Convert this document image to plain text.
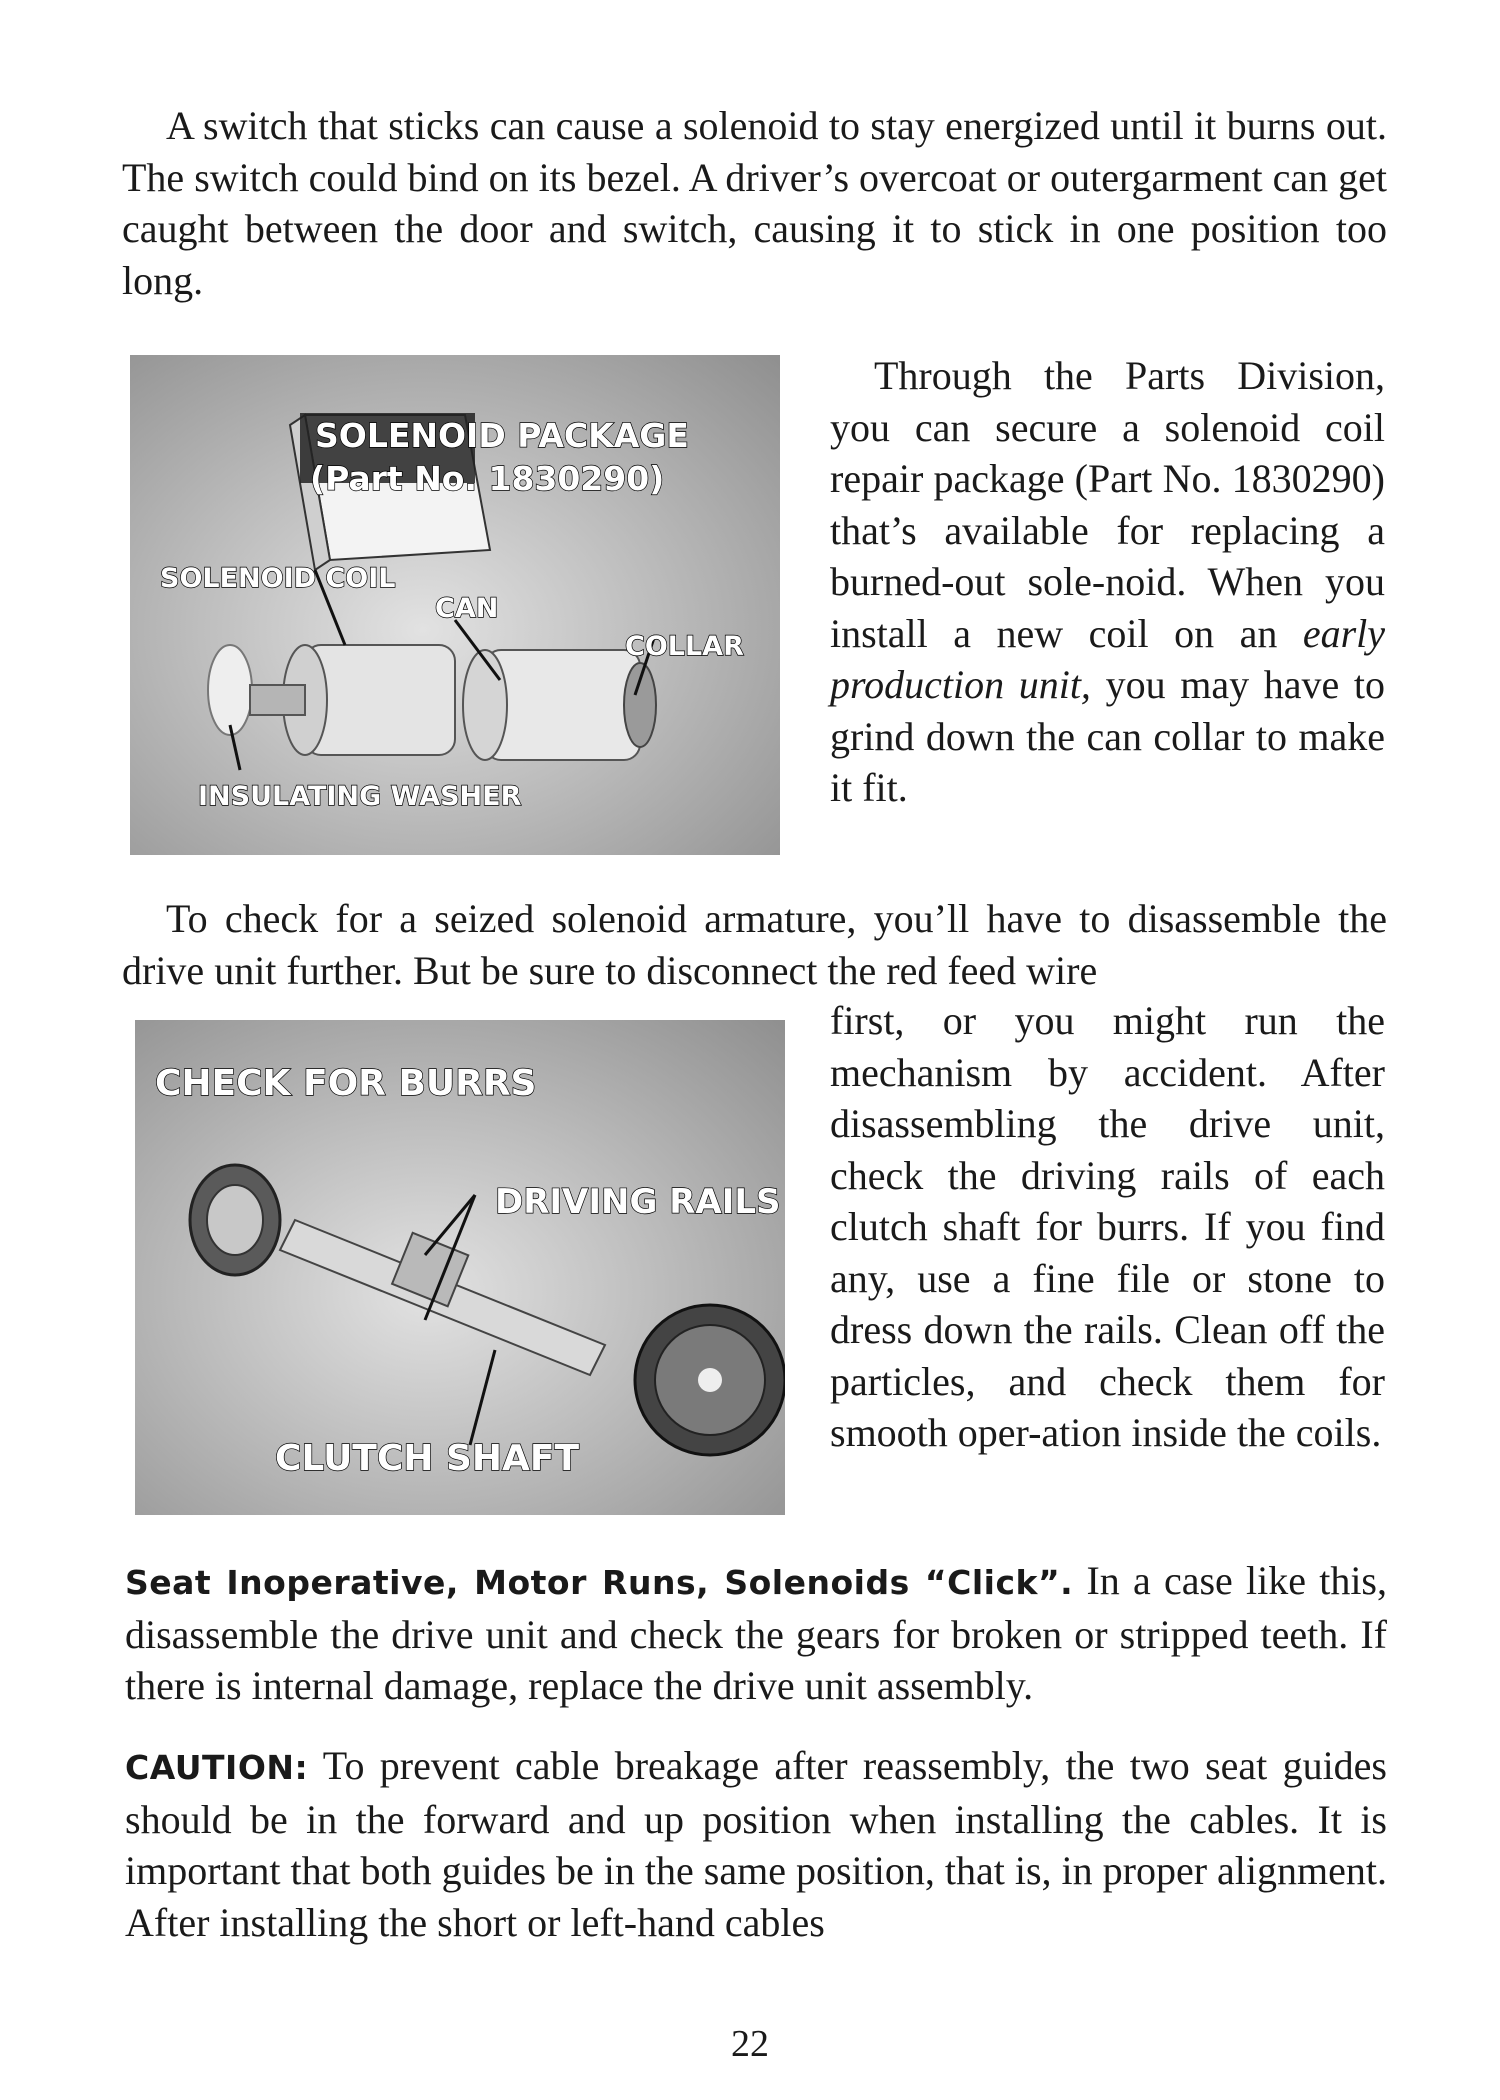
A switch that sticks can cause a solenoid to stay energized until it burns out. The switch could bind on its bezel. A driver’s overcoat or outergarment can get caught between the door and switch, causing it to stick in one position too long.

SOLENOID PACKAGE
(Part No. 1830290)
SOLENOID COIL
CAN
COLLAR
INSULATING WASHER

Through the Parts Division, you can secure a solenoid coil repair package (Part No. 1830290) that’s available for replacing a burned-out sole-noid. When you install a new coil on an early production unit, you may have to grind down the can collar to make it fit.

To check for a seized solenoid armature, you’ll have to disassemble the drive unit further. But be sure to disconnect the red feed wire

CHECK FOR BURRS
DRIVING RAILS
CLUTCH SHAFT

first, or you might run the mechanism by accident. After disassembling the drive unit, check the driving rails of each clutch shaft for burrs. If you find any, use a fine file or stone to dress down the rails. Clean off the particles, and check them for smooth oper-ation inside the coils.

Seat Inoperative, Motor Runs, Solenoids “Click”. In a case like this, disassemble the drive unit and check the gears for broken or stripped teeth. If there is internal damage, replace the drive unit assembly.

CAUTION: To prevent cable breakage after reassembly, the two seat guides should be in the forward and up position when installing the cables. It is important that both guides be in the same position, that is, in proper alignment. After installing the short or left-hand cables

22
